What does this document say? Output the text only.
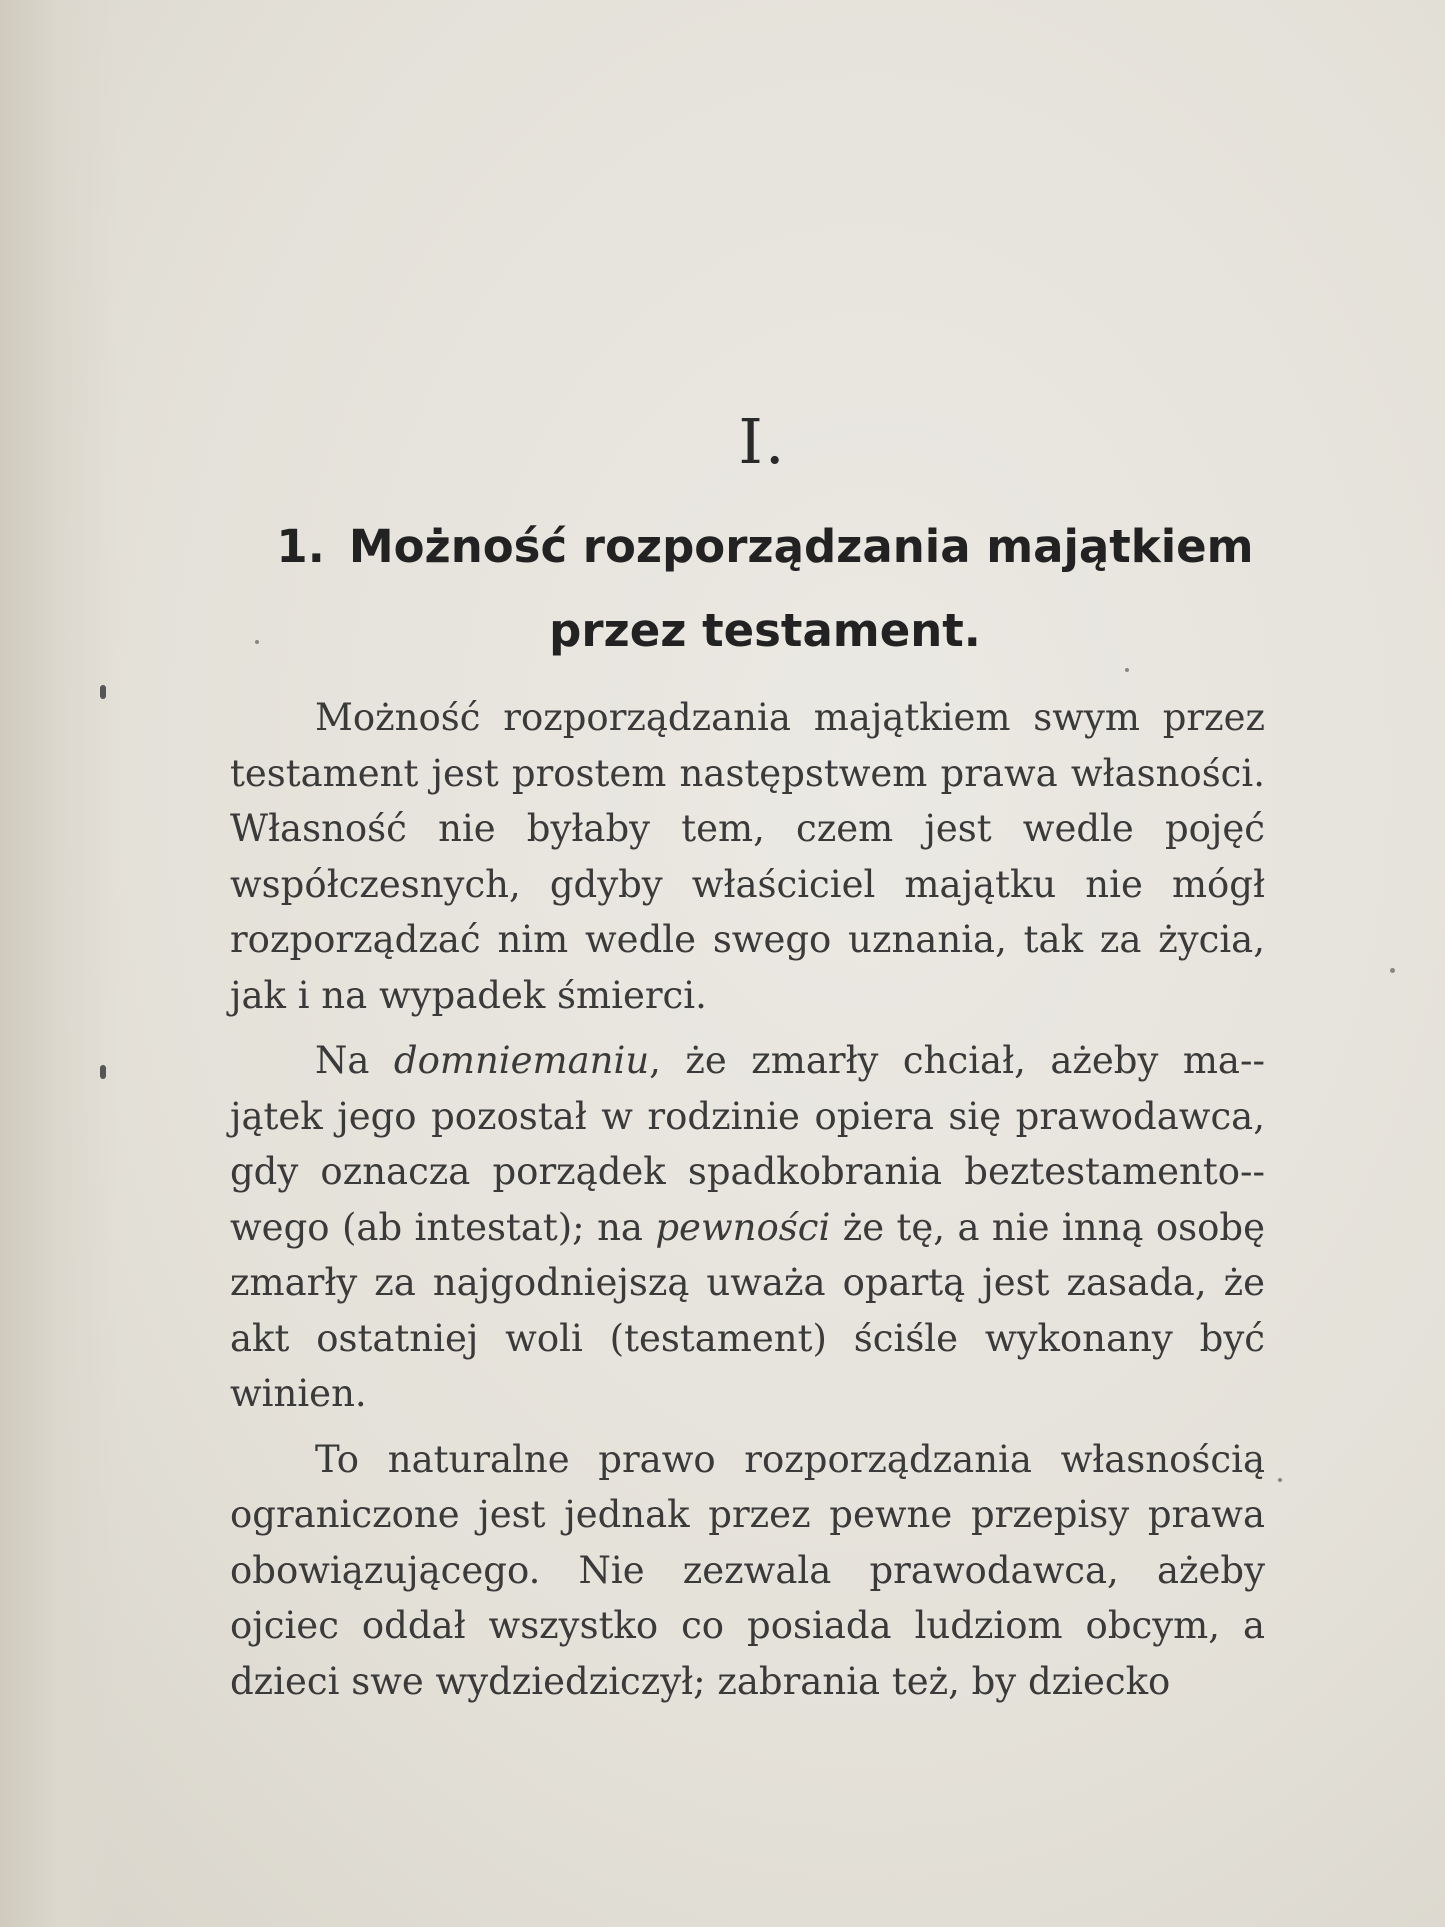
I.
1. Możność rozporządzania majątkiem
przez testament.

Możność rozporządzania majątkiem swym przez testament jest prostem następstwem prawa własności. Własność nie byłaby tem, czem jest wedle pojęć współczesnych, gdyby właściciel majątku nie mógł rozporządzać nim wedle swego uznania, tak za życia, jak i na wypadek śmierci.

Na domniemaniu, że zmarły chciał, ażeby ma-jątek jego pozostał w rodzinie opiera się prawodawca, gdy oznacza porządek spadkobrania beztestamento-wego (ab intestat); na pewności że tę, a nie inną osobę zmarły za najgodniejszą uważa opartą jest zasada, że akt ostatniej woli (testament) ściśle wykonany być winien.

To naturalne prawo rozporządzania własnością ograniczone jest jednak przez pewne przepisy prawa obowiązującego. Nie zezwala prawodawca, ażeby ojciec oddał wszystko co posiada ludziom obcym, a dzieci swe wydziedziczył; zabrania też, by dziecko
